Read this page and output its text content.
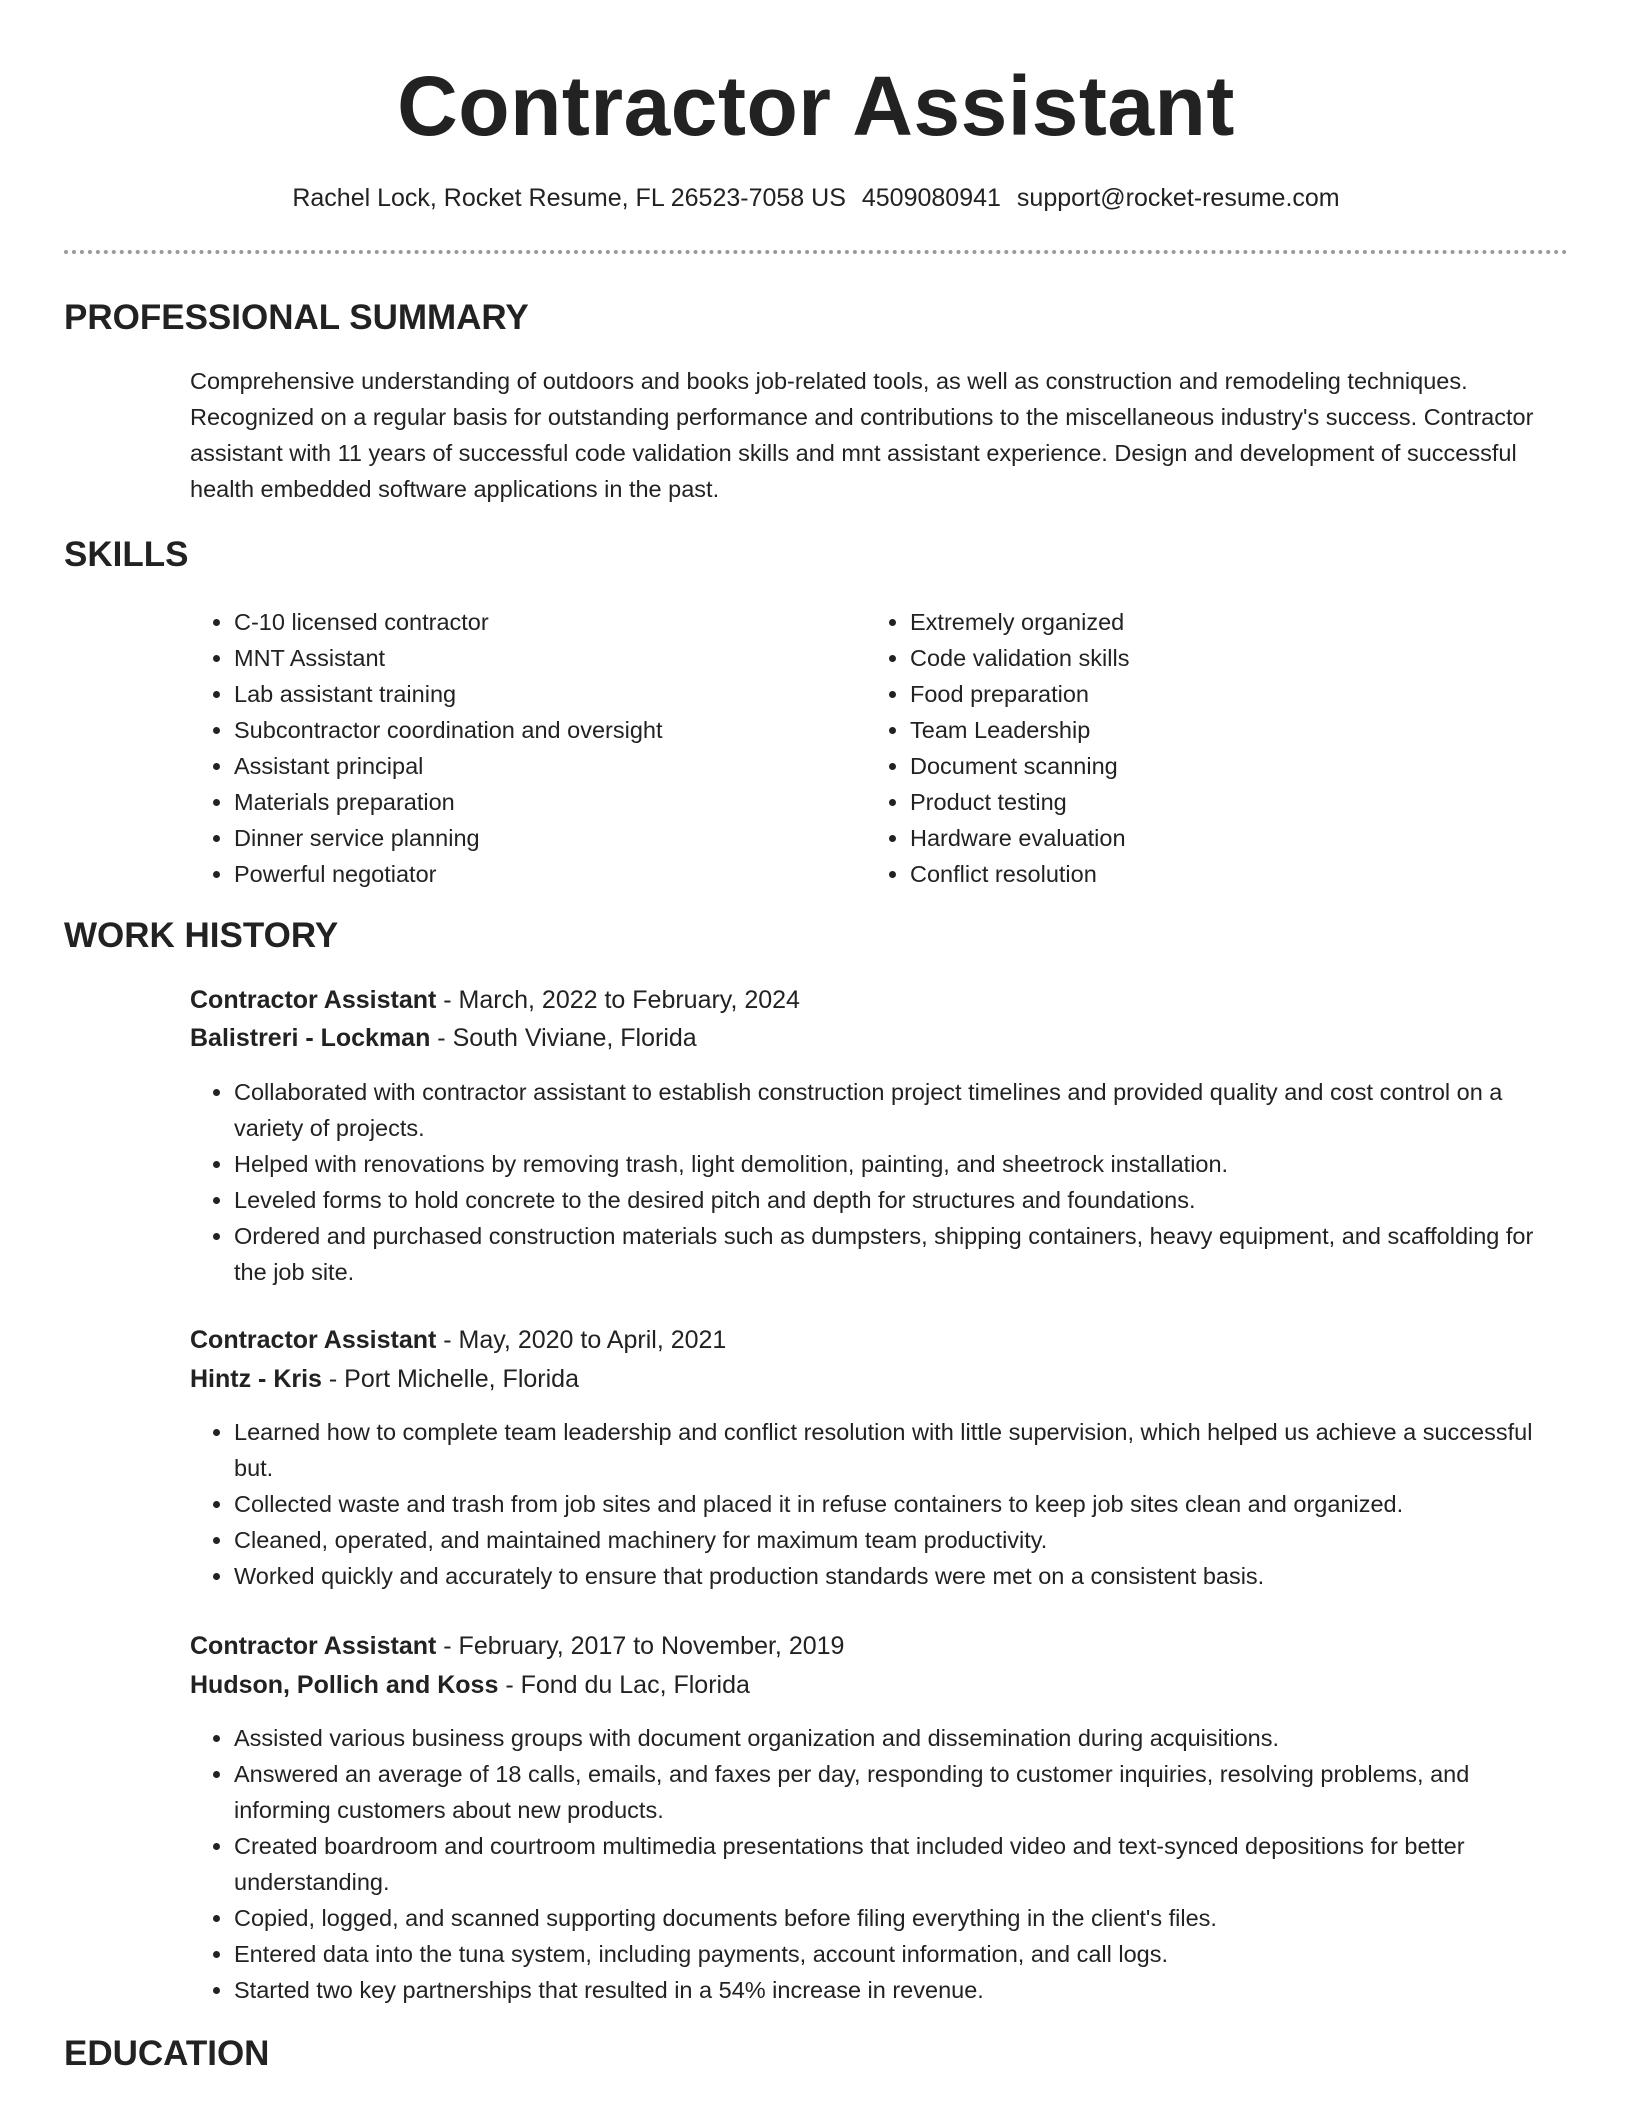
Contractor Assistant
Rachel Lock, Rocket Resume, FL 26523-7058 US 4509080941 support@rocket-resume.com
PROFESSIONAL SUMMARY

Comprehensive understanding of outdoors and books job-related tools, as well as construction and remodeling techniques. Recognized on a regular basis for outstanding performance and contributions to the miscellaneous industry's success. Contractor assistant with 11 years of successful code validation skills and mnt assistant experience. Design and development of successful health embedded software applications in the past.

SKILLS
• C-10 licensed contractor
• MNT Assistant
• Lab assistant training
• Subcontractor coordination and oversight
• Assistant principal
• Materials preparation
• Dinner service planning
• Powerful negotiator
• Extremely organized
• Code validation skills
• Food preparation
• Team Leadership
• Document scanning
• Product testing
• Hardware evaluation
• Conflict resolution
WORK HISTORY
Contractor Assistant - March, 2022 to February, 2024
Balistreri - Lockman - South Viviane, Florida
• Collaborated with contractor assistant to establish construction project timelines and provided quality and cost control on a variety of projects.
• Helped with renovations by removing trash, light demolition, painting, and sheetrock installation.
• Leveled forms to hold concrete to the desired pitch and depth for structures and foundations.
• Ordered and purchased construction materials such as dumpsters, shipping containers, heavy equipment, and scaffolding for the job site.
Contractor Assistant - May, 2020 to April, 2021
Hintz - Kris - Port Michelle, Florida
• Learned how to complete team leadership and conflict resolution with little supervision, which helped us achieve a successful but.
• Collected waste and trash from job sites and placed it in refuse containers to keep job sites clean and organized.
• Cleaned, operated, and maintained machinery for maximum team productivity.
• Worked quickly and accurately to ensure that production standards were met on a consistent basis.
Contractor Assistant - February, 2017 to November, 2019
Hudson, Pollich and Koss - Fond du Lac, Florida
• Assisted various business groups with document organization and dissemination during acquisitions.
• Answered an average of 18 calls, emails, and faxes per day, responding to customer inquiries, resolving problems, and informing customers about new products.
• Created boardroom and courtroom multimedia presentations that included video and text-synced depositions for better understanding.
• Copied, logged, and scanned supporting documents before filing everything in the client's files.
• Entered data into the tuna system, including payments, account information, and call logs.
• Started two key partnerships that resulted in a 54% increase in revenue.
EDUCATION
